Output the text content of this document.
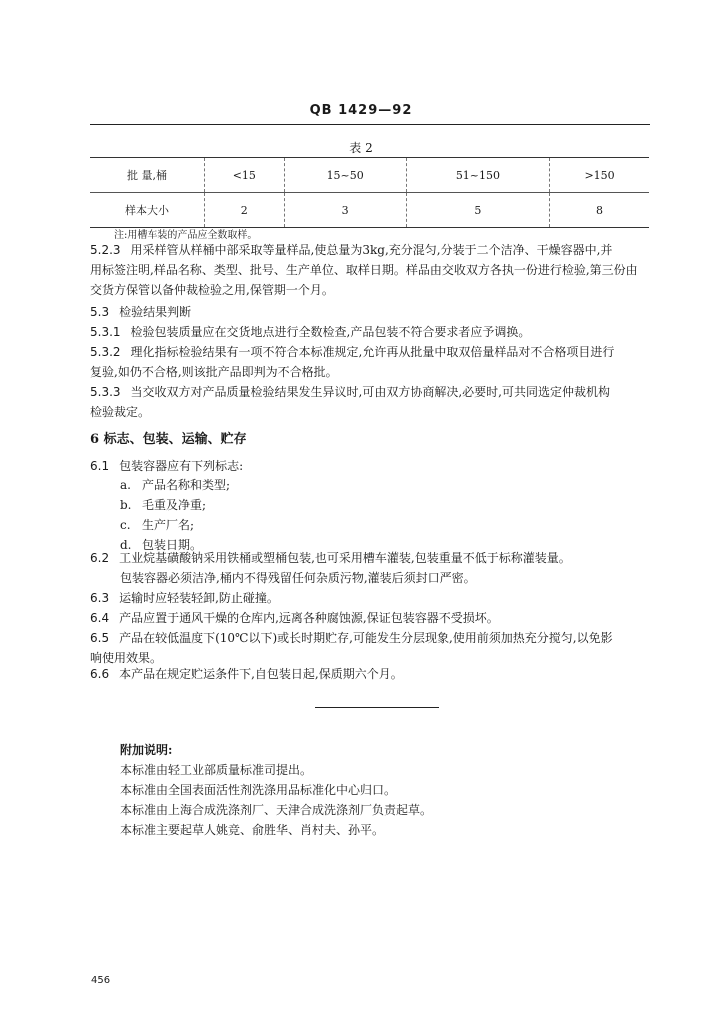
QB 1429—92
表 2
批 量,桶	<15	15~50	51~150	>150
样本大小	2	3	5	8
注:用槽车装的产品应全数取样。
5.2.3 用采样管从样桶中部采取等量样品,使总量为3kg,充分混匀,分装于二个洁净、干燥容器中,并
用标签注明,样品名称、类型、批号、生产单位、取样日期。样品由交收双方各执一份进行检验,第三份由
交货方保管以备仲裁检验之用,保管期一个月。
5.3 检验结果判断
5.3.1 检验包装质量应在交货地点进行全数检查,产品包装不符合要求者应予调换。
5.3.2 理化指标检验结果有一项不符合本标准规定,允许再从批量中取双倍量样品对不合格项目进行
复验,如仍不合格,则该批产品即判为不合格批。
5.3.3 当交收双方对产品质量检验结果发生异议时,可由双方协商解决,必要时,可共同选定仲裁机构
检验裁定。
6 标志、包装、运输、贮存
6.1 包装容器应有下列标志:
a. 产品名称和类型;
b. 毛重及净重;
c. 生产厂名;
d. 包装日期。
6.2 工业烷基磺酸钠采用铁桶或塑桶包装,也可采用槽车灌装,包装重量不低于标称灌装量。
包装容器必须洁净,桶内不得残留任何杂质污物,灌装后须封口严密。
6.3 运输时应轻装轻卸,防止碰撞。
6.4 产品应置于通风干燥的仓库内,远离各种腐蚀源,保证包装容器不受损坏。
6.5 产品在较低温度下(10℃以下)或长时期贮存,可能发生分层现象,使用前须加热充分搅匀,以免影
响使用效果。
6.6 本产品在规定贮运条件下,自包装日起,保质期六个月。
附加说明:
本标准由轻工业部质量标准司提出。
本标准由全国表面活性剂洗涤用品标准化中心归口。
本标准由上海合成洗涤剂厂、天津合成洗涤剂厂负责起草。
本标准主要起草人姚竞、俞胜华、肖村夫、孙平。
456
